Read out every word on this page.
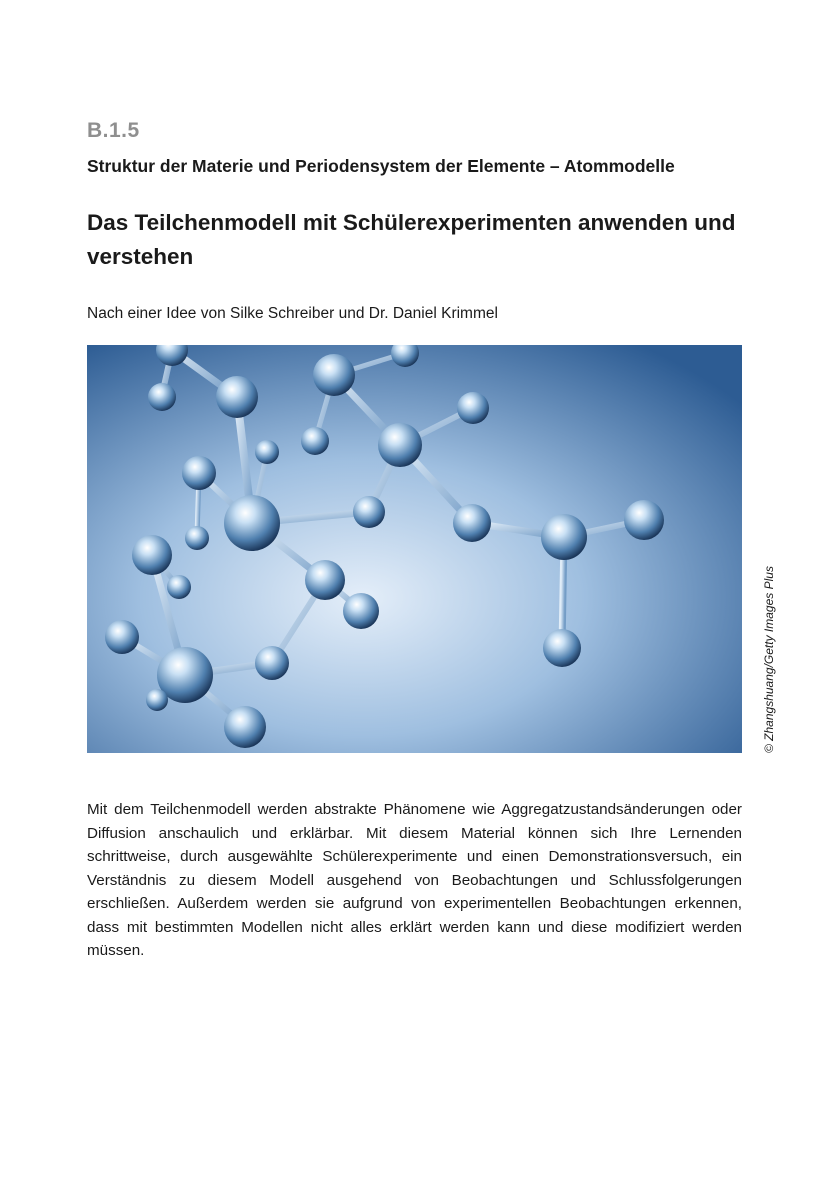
B.1.5
Struktur der Materie und Periodensystem der Elemente – Atommodelle
Das Teilchenmodell mit Schülerexperimenten anwenden und verstehen
Nach einer Idee von Silke Schreiber und Dr. Daniel Krimmel
© Zhangshuang/Getty Images Plus

Mit dem Teilchenmodell werden abstrakte Phänomene wie Aggregatzustandsänderungen oder Diffusion anschaulich und erklärbar. Mit diesem Material können sich Ihre Lernenden schrittweise, durch ausgewählte Schülerexperimente und einen Demonstrationsversuch, ein Verständnis zu diesem Modell ausgehend von Beobachtungen und Schlussfolgerungen erschließen. Außerdem werden sie aufgrund von experimentellen Beobachtungen erkennen, dass mit bestimmten Modellen nicht alles erklärt werden kann und diese modifiziert werden müssen.
